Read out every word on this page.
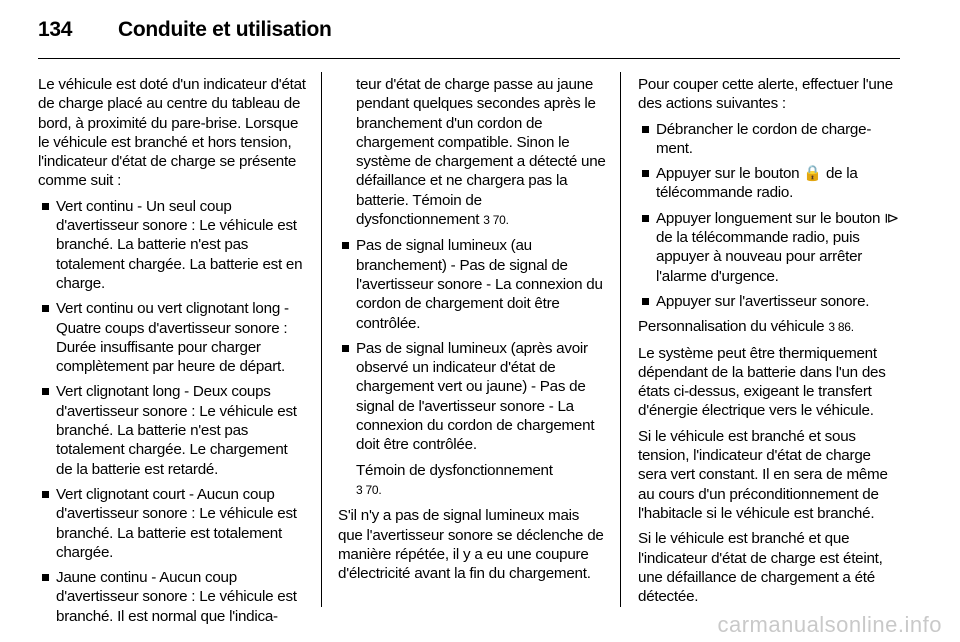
134	Conduite et utilisation

Le véhicule est doté d'un indicateur d'état de charge placé au centre du tableau de bord, à proximité du pare-brise. Lorsque le véhicule est branché et hors tension, l'indicateur d'état de charge se présente comme suit :

Vert continu - Un seul coup d'avertisseur sonore : Le véhicule est branché. La batterie n'est pas totalement chargée. La batterie est en charge.
Vert continu ou vert clignotant long - Quatre coups d'avertisseur sonore : Durée insuffisante pour charger complètement par heure de départ.
Vert clignotant long - Deux coups d'avertisseur sonore : Le véhicule est branché. La batterie n'est pas totalement chargée. Le chargement de la batterie est retardé.
Vert clignotant court - Aucun coup d'avertisseur sonore : Le véhicule est branché. La batterie est totalement chargée.
Jaune continu - Aucun coup d'avertisseur sonore : Le véhicule est branché. Il est normal que l'indica-
teur d'état de charge passe au jaune pendant quelques secondes après le branchement d'un cordon de chargement compatible. Sinon le système de chargement a détecté une défaillance et ne chargera pas la batterie. Témoin de dysfonctionnement 3 70.
Pas de signal lumineux (au branchement) - Pas de signal de l'avertisseur sonore - La connexion du cordon de chargement doit être contrôlée.
Pas de signal lumineux (après avoir observé un indicateur d'état de chargement vert ou jaune) - Pas de signal de l'avertisseur sonore - La connexion du cordon de chargement doit être contrôlée.
Témoin de dysfonctionnement
3 70.

S'il n'y a pas de signal lumineux mais que l'avertisseur sonore se déclenche de manière répétée, il y a eu une coupure d'électricité avant la fin du chargement.

Pour couper cette alerte, effectuer l'une des actions suivantes :

Débrancher le cordon de charge-ment.
Appuyer sur le bouton 🔒 de la télécommande radio.
Appuyer longuement sur le bouton ⧐ de la télécommande radio, puis appuyer à nouveau pour arrêter l'alarme d'urgence.
Appuyer sur l'avertisseur sonore.

Personnalisation du véhicule 3 86.

Le système peut être thermiquement dépendant de la batterie dans l'un des états ci-dessus, exigeant le transfert d'énergie électrique vers le véhicule.

Si le véhicule est branché et sous tension, l'indicateur d'état de charge sera vert constant. Il en sera de même au cours d'un préconditionnement de l'habitacle si le véhicule est branché.

Si le véhicule est branché et que l'indicateur d'état de charge est éteint, une défaillance de chargement a été détectée.

carmanualsonline.info
